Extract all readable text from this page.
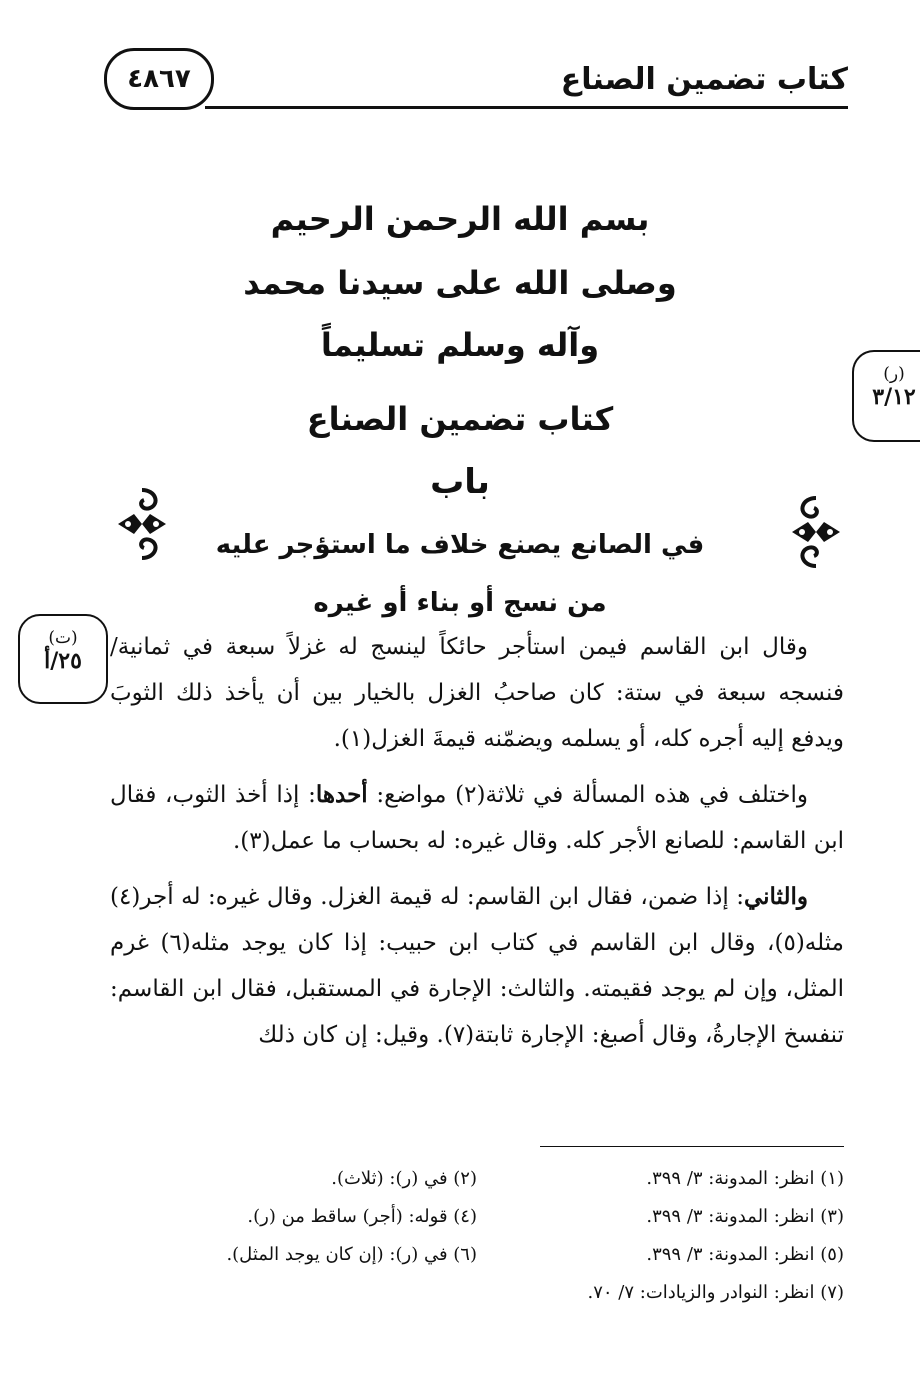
كتاب تضمين الصناع
٤٨٦٧
بسم الله الرحمن الرحيم
وصلى الله على سيدنا محمد
وآله وسلم تسليماً
كتاب تضمين الصناع
باب
في الصانع يصنع خلاف ما استؤجر عليه
من نسج أو بناء أو غيره
(ر)
٣/١٢
(ت)
٢٥/أ

وقال ابن القاسم فيمن استأجر حائكاً لينسج له غزلاً سبعة في ثمانية/ فنسجه سبعة في ستة: كان صاحبُ الغزل بالخيار بين أن يأخذ ذلك الثوبَ ويدفع إليه أجره كله، أو يسلمه ويضمّنه قيمةَ الغزل(١).

واختلف في هذه المسألة في ثلاثة(٢) مواضع: أحدها: إذا أخذ الثوب، فقال ابن القاسم: للصانع الأجر كله. وقال غيره: له بحساب ما عمل(٣).

والثاني: إذا ضمن، فقال ابن القاسم: له قيمة الغزل. وقال غيره: له أجر(٤) مثله(٥)، وقال ابن القاسم في كتاب ابن حبيب: إذا كان يوجد مثله(٦) غرم المثل، وإن لم يوجد فقيمته. والثالث: الإجارة في المستقبل، فقال ابن القاسم: تنفسخ الإجارةُ، وقال أصبغ: الإجارة ثابتة(٧). وقيل: إن كان ذلك

(١) انظر: المدونة: ٣/ ٣٩٩.
(٢) في (ر): (ثلاث).
(٣) انظر: المدونة: ٣/ ٣٩٩.
(٤) قوله: (أجر) ساقط من (ر).
(٥) انظر: المدونة: ٣/ ٣٩٩.
(٦) في (ر): (إن كان يوجد المثل).
(٧) انظر: النوادر والزيادات: ٧/ ٧٠.
